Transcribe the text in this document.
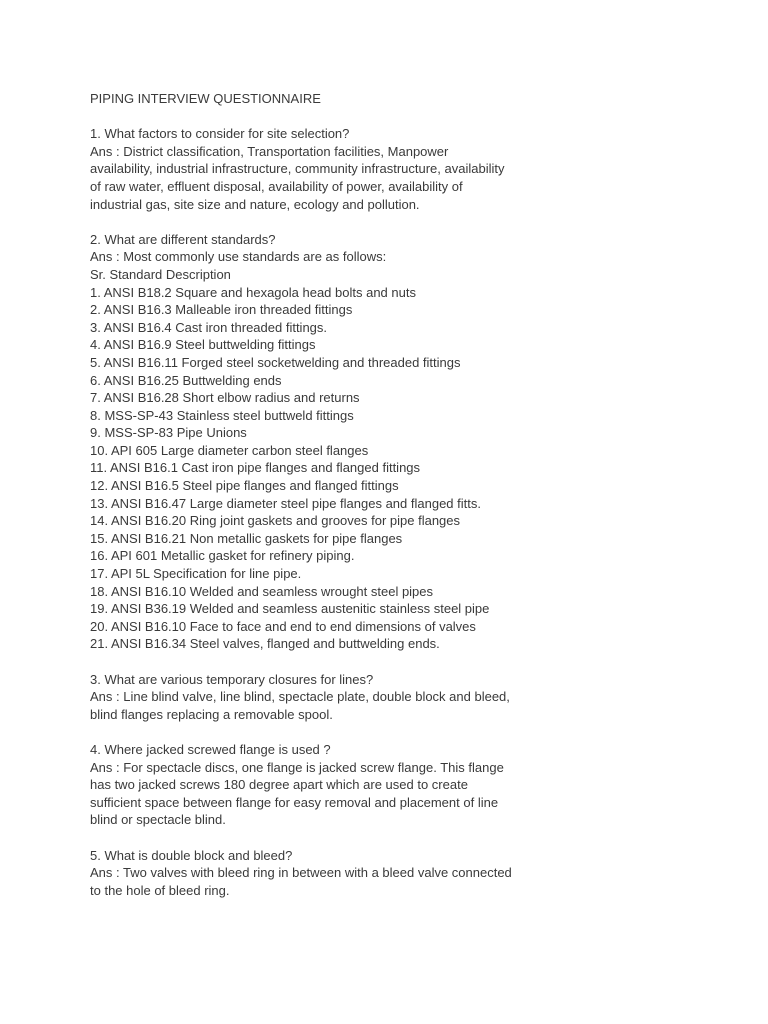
PIPING INTERVIEW QUESTIONNAIRE
1. What factors to consider for site selection?
Ans : District classification, Transportation facilities, Manpower
availability, industrial infrastructure, community infrastructure, availability
of raw water, effluent disposal, availability of power, availability of
industrial gas, site size and nature, ecology and pollution.
2. What are different standards?
Ans : Most commonly use standards are as follows:
Sr. Standard Description
1. ANSI B18.2 Square and hexagola head bolts and nuts
2. ANSI B16.3 Malleable iron threaded fittings
3. ANSI B16.4 Cast iron threaded fittings.
4. ANSI B16.9 Steel buttwelding fittings
5. ANSI B16.11 Forged steel socketwelding and threaded fittings
6. ANSI B16.25 Buttwelding ends
7. ANSI B16.28 Short elbow radius and returns
8. MSS-SP-43 Stainless steel buttweld fittings
9. MSS-SP-83 Pipe Unions
10. API 605 Large diameter carbon steel flanges
11. ANSI B16.1 Cast iron pipe flanges and flanged fittings
12. ANSI B16.5 Steel pipe flanges and flanged fittings
13. ANSI B16.47 Large diameter steel pipe flanges and flanged fitts.
14. ANSI B16.20 Ring joint gaskets and grooves for pipe flanges
15. ANSI B16.21 Non metallic gaskets for pipe flanges
16. API 601 Metallic gasket for refinery piping.
17. API 5L Specification for line pipe.
18. ANSI B16.10 Welded and seamless wrought steel pipes
19. ANSI B36.19 Welded and seamless austenitic stainless steel pipe
20. ANSI B16.10 Face to face and end to end dimensions of valves
21. ANSI B16.34 Steel valves, flanged and buttwelding ends.
3. What are various temporary closures for lines?
Ans : Line blind valve, line blind, spectacle plate, double block and bleed,
blind flanges replacing a removable spool.
4. Where jacked screwed flange is used ?
Ans : For spectacle discs, one flange is jacked screw flange. This flange
has two jacked screws 180 degree apart which are used to create
sufficient space between flange for easy removal and placement of line
blind or spectacle blind.
5. What is double block and bleed?
Ans : Two valves with bleed ring in between with a bleed valve connected
to the hole of bleed ring.
